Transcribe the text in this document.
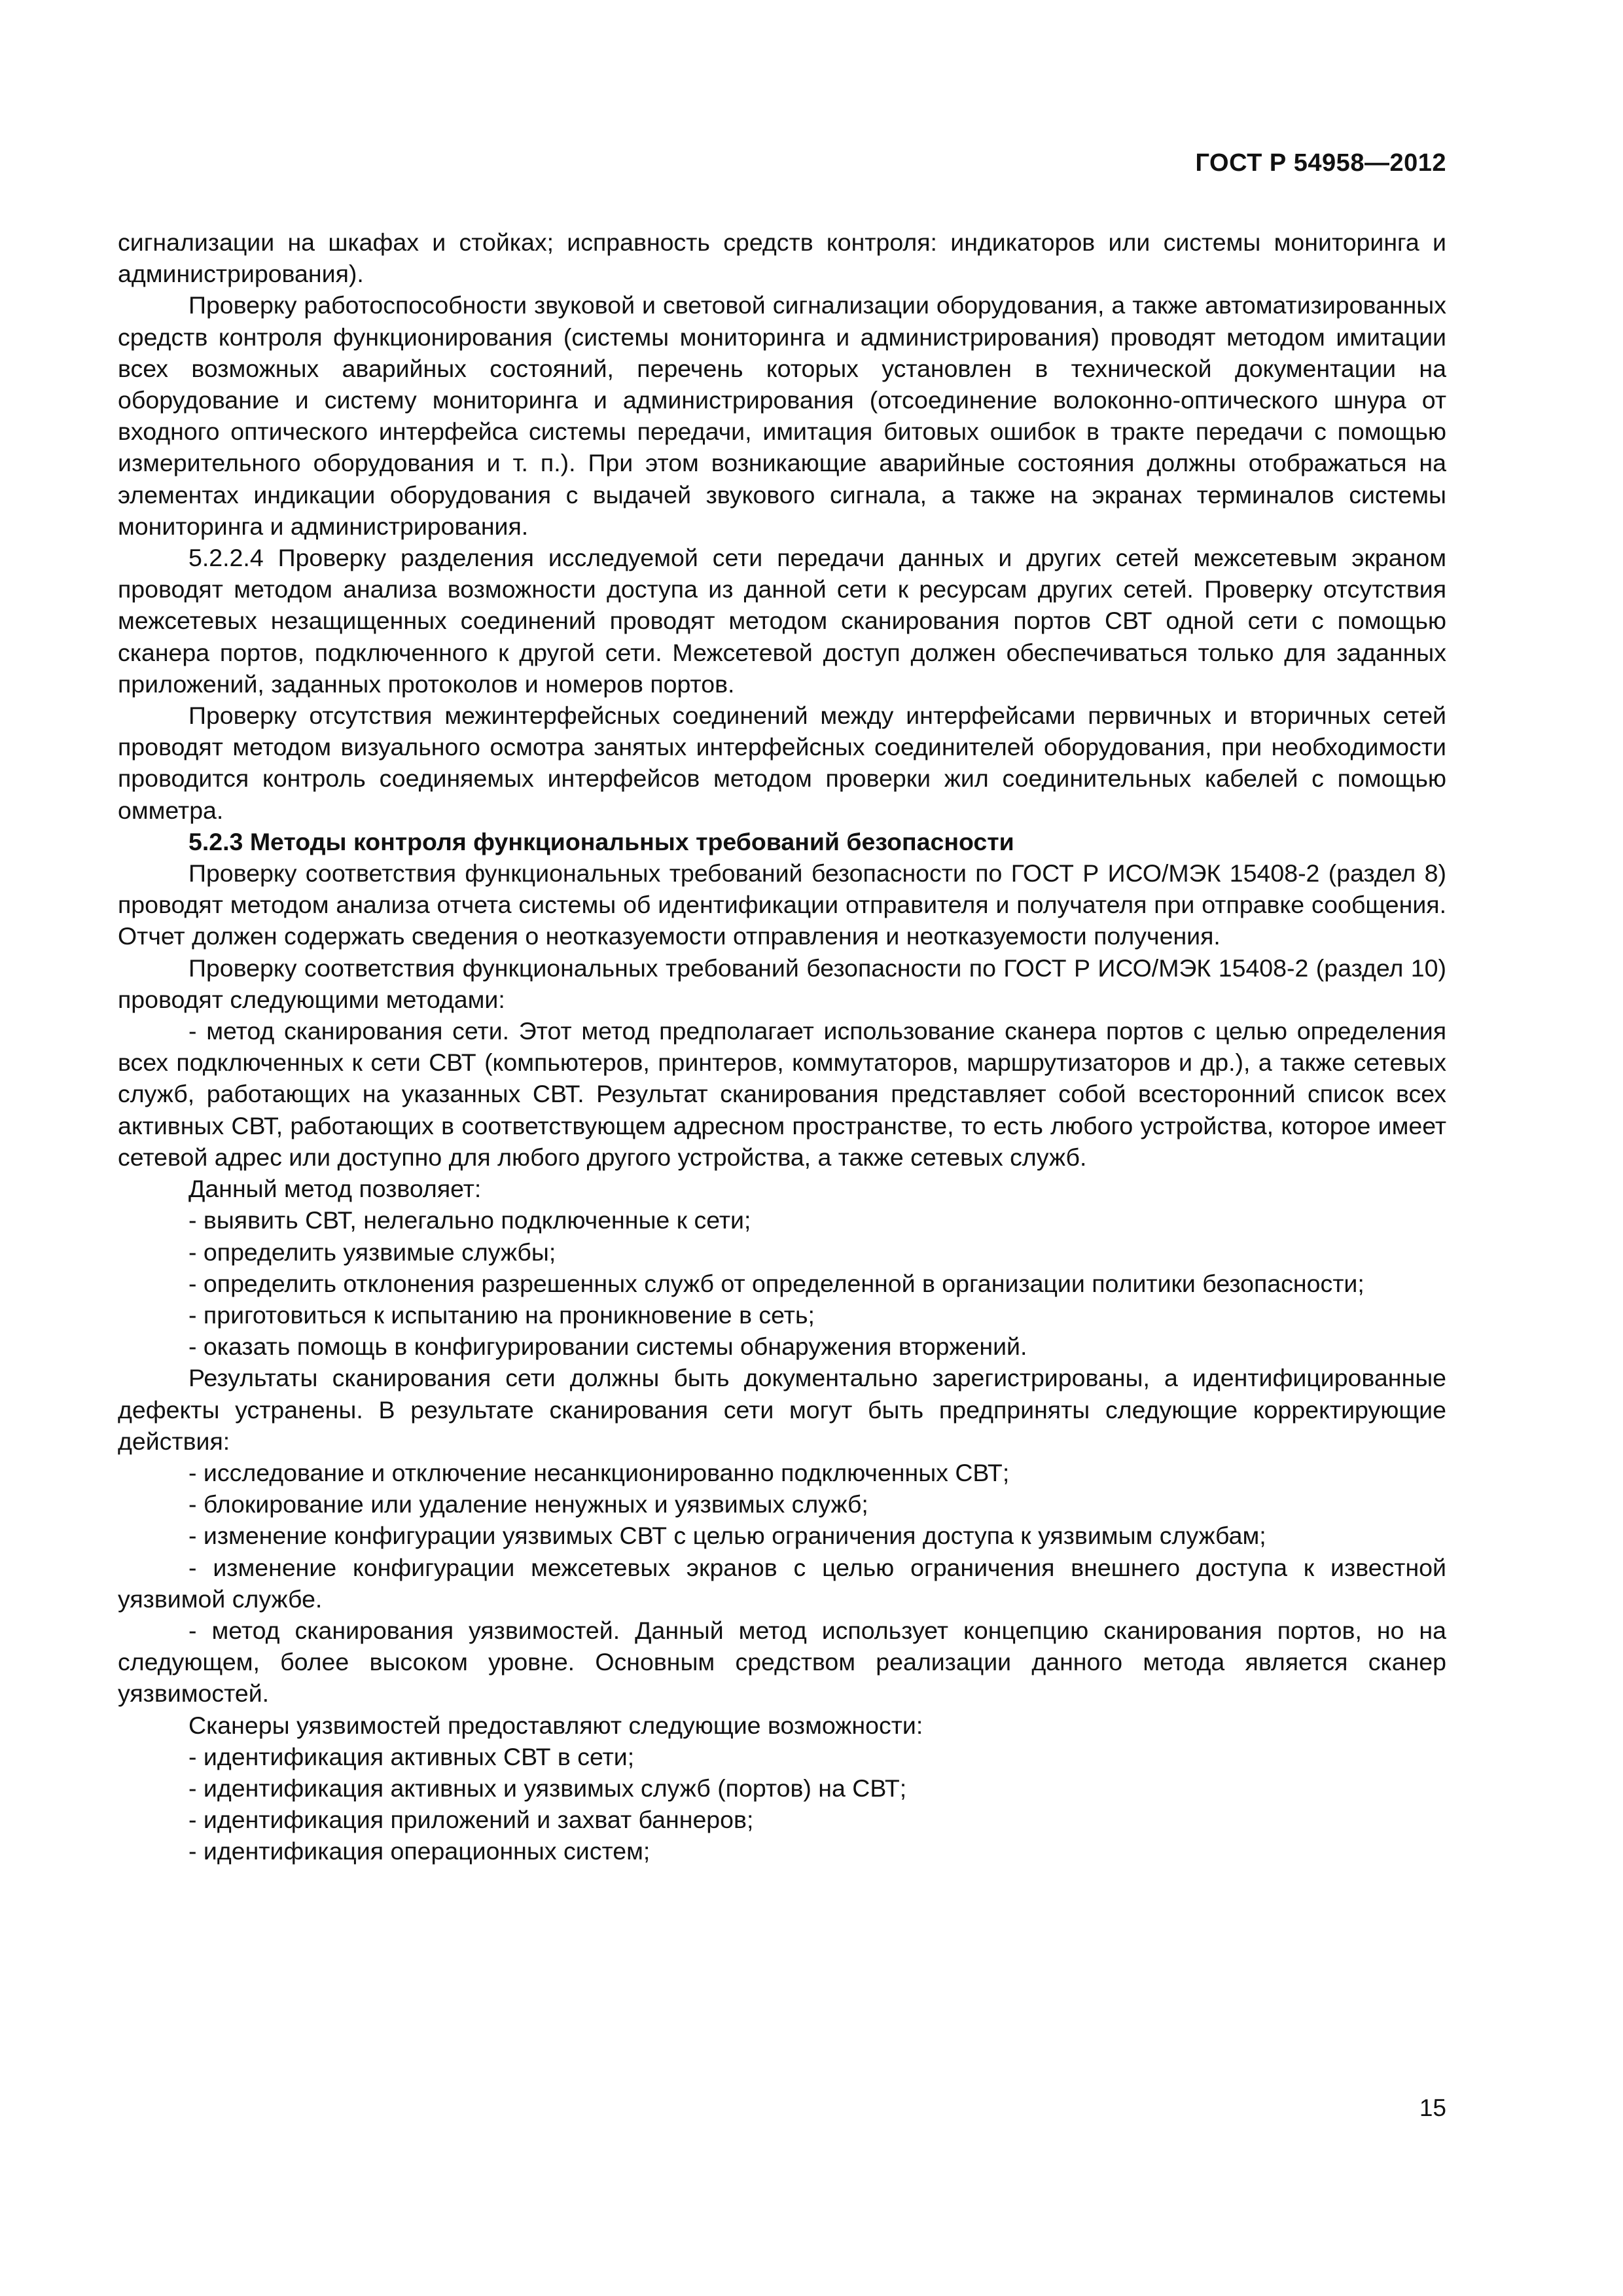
ГОСТ Р 54958—2012

сигнализации на шкафах и стойках; исправность средств контроля: индикаторов или системы мониторинга и администрирования).

Проверку работоспособности звуковой и световой сигнализации оборудования, а также автоматизированных средств контроля функционирования (системы мониторинга и администрирования) проводят методом имитации всех возможных аварийных состояний, перечень которых установлен в технической документации на оборудование и систему мониторинга и администрирования (отсоединение волоконно-оптического шнура от входного оптического интерфейса системы передачи, имитация битовых ошибок в тракте передачи с помощью измерительного оборудования и т. п.). При этом возникающие аварийные состояния должны отображаться на элементах индикации оборудования с выдачей звукового сигнала, а также на экранах терминалов системы мониторинга и администрирования.

5.2.2.4 Проверку разделения исследуемой сети передачи данных и других сетей межсетевым экраном проводят методом анализа возможности доступа из данной сети к ресурсам других сетей. Проверку отсутствия межсетевых незащищенных соединений проводят методом сканирования портов СВТ одной сети с помощью сканера портов, подключенного к другой сети. Межсетевой доступ должен обеспечиваться только для заданных приложений, заданных протоколов и номеров портов.

Проверку отсутствия межинтерфейсных соединений между интерфейсами первичных и вторичных сетей проводят методом визуального осмотра занятых интерфейсных соединителей оборудования, при необходимости проводится контроль соединяемых интерфейсов методом проверки жил соединительных кабелей с помощью омметра.

5.2.3 Методы контроля функциональных требований безопасности

Проверку соответствия функциональных требований безопасности по ГОСТ Р ИСО/МЭК 15408-2 (раздел 8) проводят методом анализа отчета системы об идентификации отправителя и получателя при отправке сообщения. Отчет должен содержать сведения о неотказуемости отправления и неотказуемости получения.

Проверку соответствия функциональных требований безопасности по ГОСТ Р ИСО/МЭК 15408-2 (раздел 10) проводят следующими методами:

- метод сканирования сети. Этот метод предполагает использование сканера портов с целью определения всех подключенных к сети СВТ (компьютеров, принтеров, коммутаторов, маршрутизаторов и др.), а также сетевых служб, работающих на указанных СВТ. Результат сканирования представляет собой всесторонний список всех активных СВТ, работающих в соответствующем адресном пространстве, то есть любого устройства, которое имеет сетевой адрес или доступно для любого другого устройства, а также сетевых служб.

Данный метод позволяет:

- выявить СВТ, нелегально подключенные к сети;

- определить уязвимые службы;

- определить отклонения разрешенных служб от определенной в организации политики безопасности;

- приготовиться к испытанию на проникновение в сеть;

- оказать помощь в конфигурировании системы обнаружения вторжений.

Результаты сканирования сети должны быть документально зарегистрированы, а идентифицированные дефекты устранены. В результате сканирования сети могут быть предприняты следующие корректирующие действия:

- исследование и отключение несанкционированно подключенных СВТ;

- блокирование или удаление ненужных и уязвимых служб;

- изменение конфигурации уязвимых СВТ с целью ограничения доступа к уязвимым службам;

- изменение конфигурации межсетевых экранов с целью ограничения внешнего доступа к известной уязвимой службе.

- метод сканирования уязвимостей. Данный метод использует концепцию сканирования портов, но на следующем, более высоком уровне. Основным средством реализации данного метода является сканер уязвимостей.

Сканеры уязвимостей предоставляют следующие возможности:

- идентификация активных СВТ в сети;

- идентификация активных и уязвимых служб (портов) на СВТ;

- идентификация приложений и захват баннеров;

- идентификация операционных систем;

15
